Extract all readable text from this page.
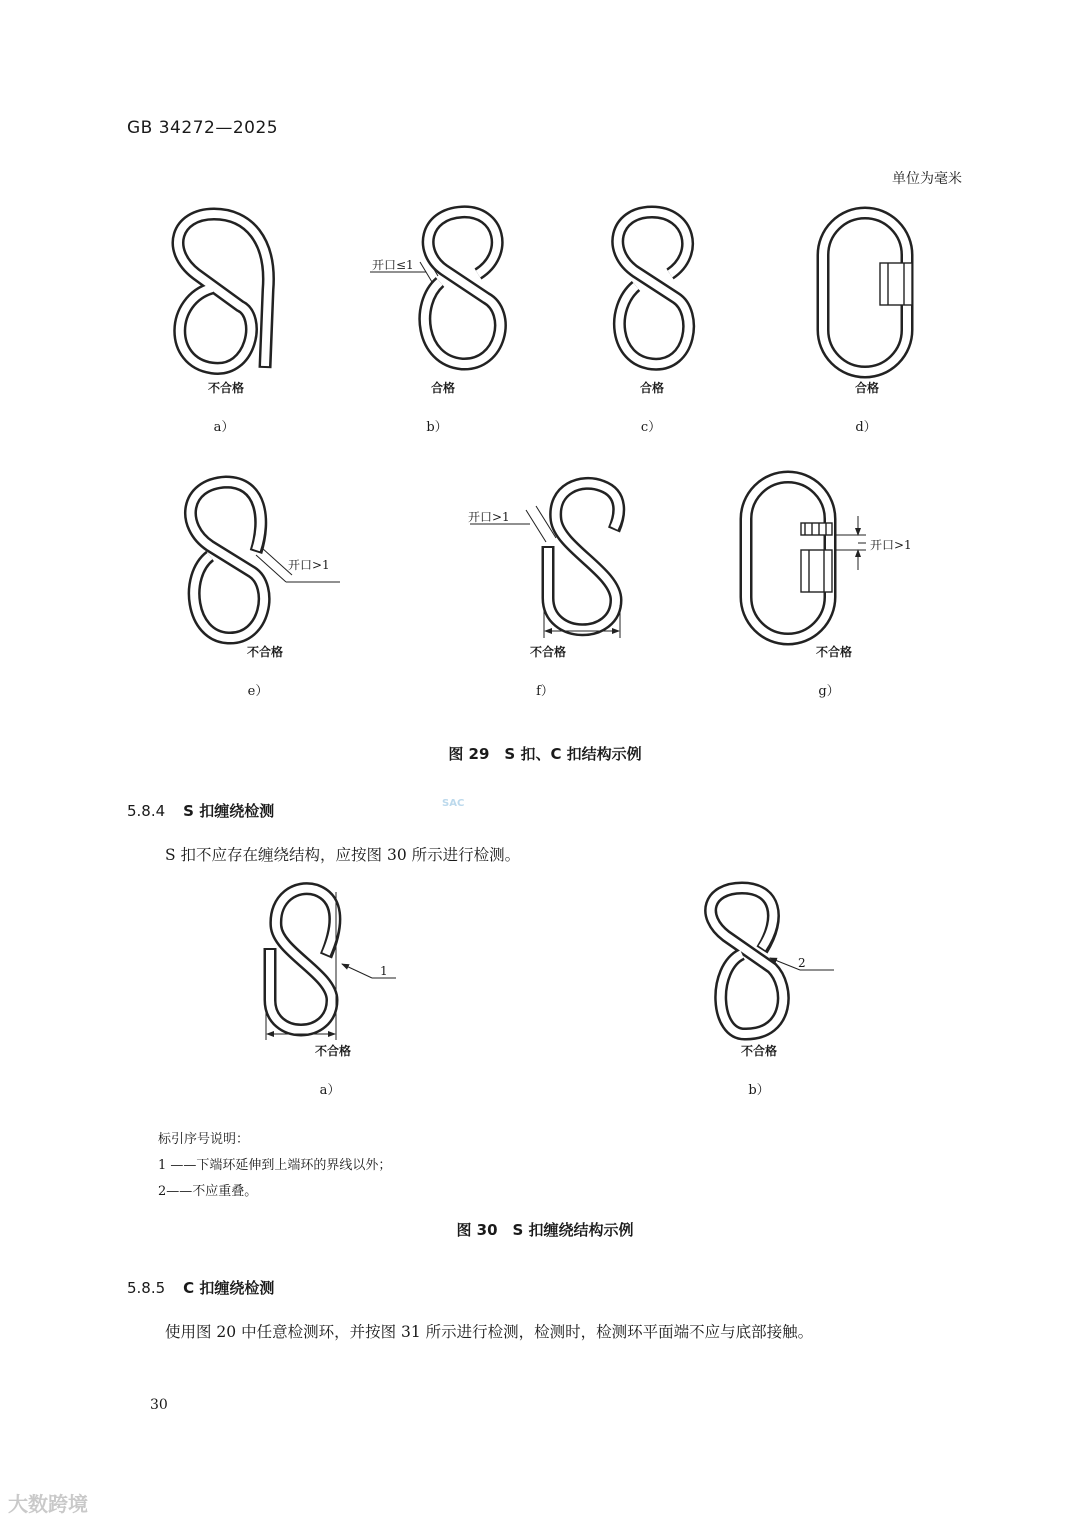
GB 34272—2025
单位为毫米
开口≤1
开口>1
开口>1
开口>1
不合格	合格	合格	合格
a）	b）	c）	d）
不合格	不合格	不合格
e）	f）	g）
图 29　S 扣、C 扣结构示例
SAC
5.8.4 S 扣缠绕检测
S 扣不应存在缠绕结构，应按图 30 所示进行检测。
1
2
不合格	不合格
a）	b）
标引序号说明：
1 ——下端环延伸到上端环的界线以外；
2——不应重叠。
图 30　S 扣缠绕结构示例
5.8.5 C 扣缠绕检测
使用图 20 中任意检测环，并按图 31 所示进行检测，检测时，检测环平面端不应与底部接触。
30
大数跨境
